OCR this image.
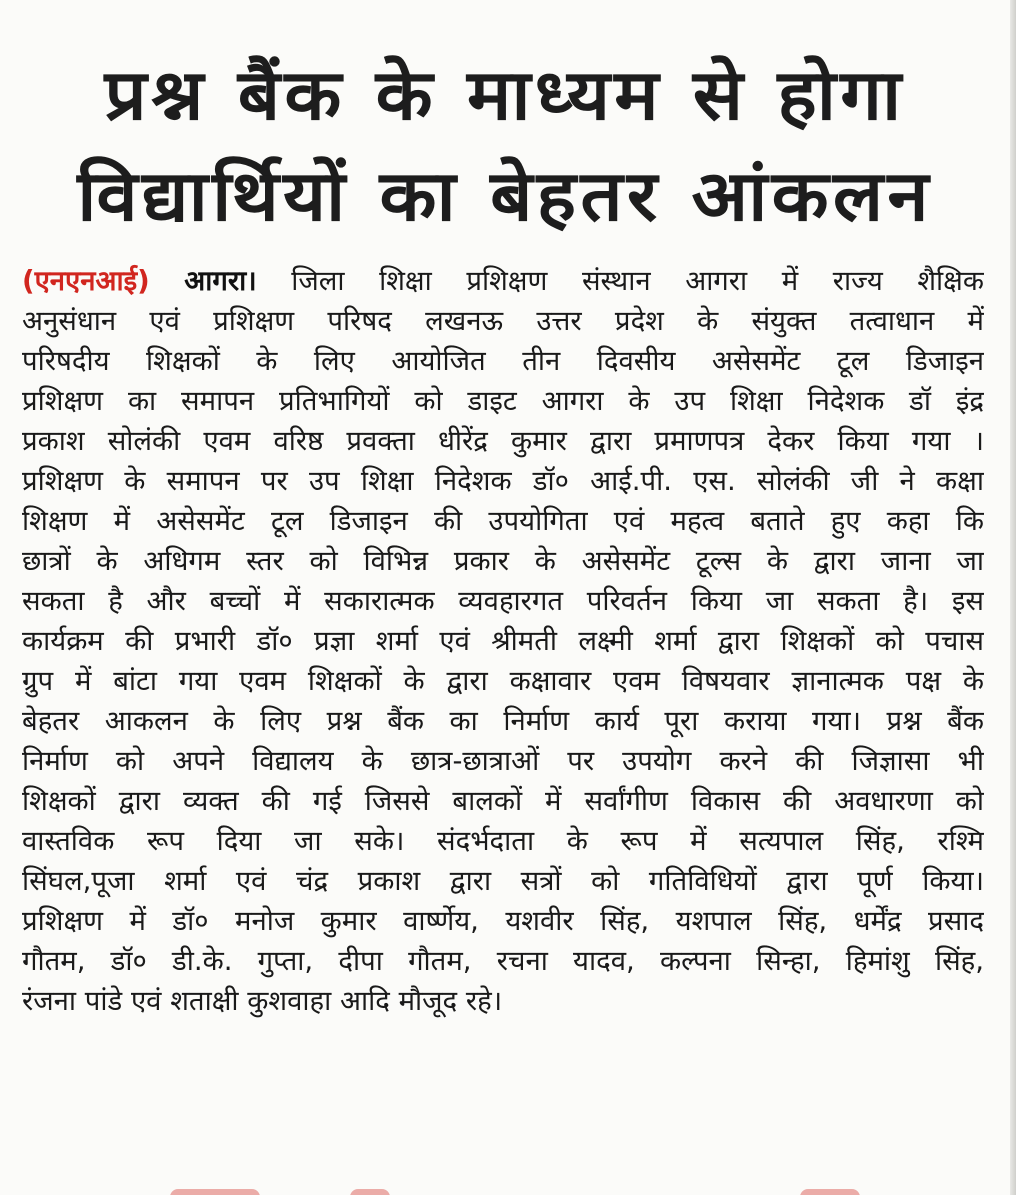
प्रश्न बैंक के माध्यम से होगा
विद्यार्थियों का बेहतर आंकलन
(एनएनआई) आगरा। जिला शिक्षा प्रशिक्षण संस्थान आगरा में राज्य शैक्षिक
अनुसंधान एवं प्रशिक्षण परिषद लखनऊ उत्तर प्रदेश के संयुक्त तत्वाधान में
परिषदीय शिक्षकों के लिए आयोजित तीन दिवसीय असेसमेंट टूल डिजाइन
प्रशिक्षण का समापन प्रतिभागियों को डाइट आगरा के उप शिक्षा निदेशक डॉ इंद्र
प्रकाश सोलंकी एवम वरिष्ठ प्रवक्ता धीरेंद्र कुमार द्वारा प्रमाणपत्र देकर किया गया ।
प्रशिक्षण के समापन पर उप शिक्षा निदेशक डॉ० आई.पी. एस. सोलंकी जी ने कक्षा
शिक्षण में असेसमेंट टूल डिजाइन की उपयोगिता एवं महत्व बताते हुए कहा कि
छात्रों के अधिगम स्तर को विभिन्न प्रकार के असेसमेंट टूल्स के द्वारा जाना जा
सकता है और बच्चों में सकारात्मक व्यवहारगत परिवर्तन किया जा सकता है। इस
कार्यक्रम की प्रभारी डॉ० प्रज्ञा शर्मा एवं श्रीमती लक्ष्मी शर्मा द्वारा शिक्षकों को पचास
ग्रुप में बांटा गया एवम शिक्षकों के द्वारा कक्षावार एवम विषयवार ज्ञानात्मक पक्ष के
बेहतर आकलन के लिए प्रश्न बैंक का निर्माण कार्य पूरा कराया गया। प्रश्न बैंक
निर्माण को अपने विद्यालय के छात्र-छात्राओं पर उपयोग करने की जिज्ञासा भी
शिक्षकों द्वारा व्यक्त की गई जिससे बालकों में सर्वांगीण विकास की अवधारणा को
वास्तविक रूप दिया जा सके। संदर्भदाता के रूप में सत्यपाल सिंह, रश्मि
सिंघल,पूजा शर्मा एवं चंद्र प्रकाश द्वारा सत्रों को गतिविधियों द्वारा पूर्ण किया।
प्रशिक्षण में डॉ० मनोज कुमार वार्ष्णेय, यशवीर सिंह, यशपाल सिंह, धर्मेंद्र प्रसाद
गौतम, डॉ० डी.के. गुप्ता, दीपा गौतम, रचना यादव, कल्पना सिन्हा, हिमांशु सिंह,
रंजना पांडे एवं शताक्षी कुशवाहा आदि मौजूद रहे।
